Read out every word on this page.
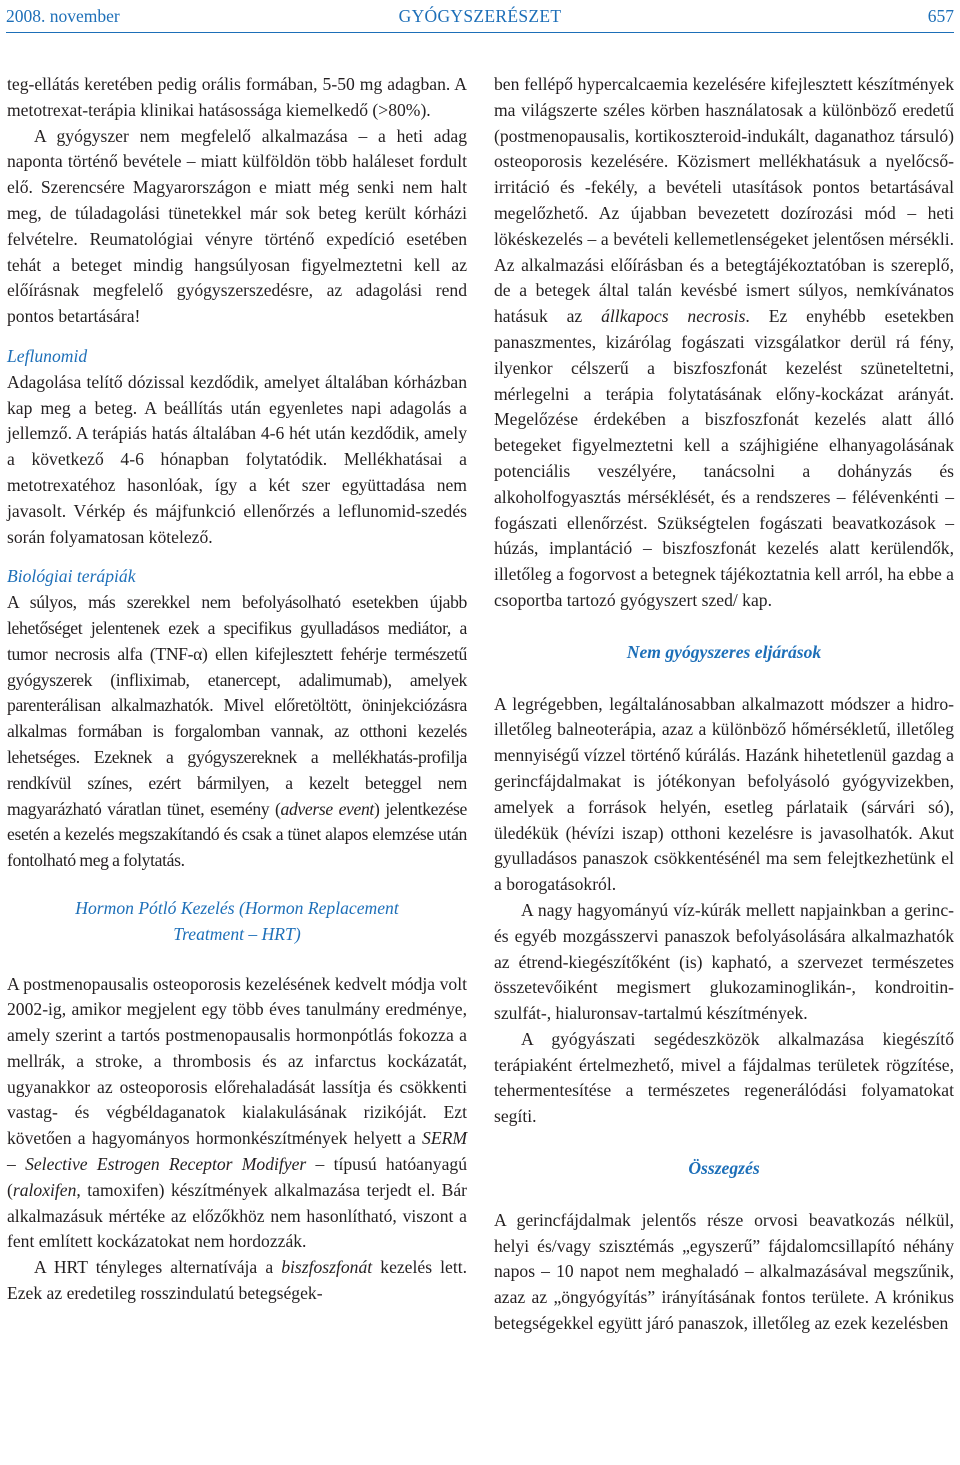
2008. november	GYÓGYSZERÉSZET	657

teg-ellátás keretében pedig orális formában, 5-50 mg adagban. A metotrexat-terápia klinikai hatásossága kiemelkedő (>80%).

A gyógyszer nem megfelelő alkalmazása – a heti adag naponta történő bevétele – miatt külföldön több haláleset fordult elő. Szerencsére Magyarországon e miatt még senki nem halt meg, de túladagolási tünetekkel már sok beteg került kórházi felvételre. Reumatológiai vényre történő expedíció esetében tehát a beteget mindig hangsúlyosan figyelmeztetni kell az előírásnak megfelelő gyógyszerszedésre, az adagolási rend pontos betartására!

Leflunomid

Adagolása telítő dózissal kezdődik, amelyet általában kórházban kap meg a beteg. A beállítás után egyenletes napi adagolás a jellemző. A terápiás hatás általában 4-6 hét után kezdődik, amely a következő 4-6 hónapban folytatódik. Mellékhatásai a metotrexatéhoz hasonlóak, így a két szer együttadása nem javasolt. Vérkép és májfunkció ellenőrzés a leflunomid-szedés során folyamatosan kötelező.

Biológiai terápiák

A súlyos, más szerekkel nem befolyásolható esetekben újabb lehetőséget jelentenek ezek a specifikus gyulladásos mediátor, a tumor necrosis alfa (TNF-α) ellen kifejlesztett fehérje természetű gyógyszerek (infliximab, etanercept, adalimumab), amelyek parenterálisan alkalmazhatók. Mivel előretöltött, öninjekciózásra alkalmas formában is forgalomban vannak, az otthoni kezelés lehetséges. Ezeknek a gyógyszereknek a mellékhatás-profilja rendkívül színes, ezért bármilyen, a kezelt beteggel nem magyarázható váratlan tünet, esemény (adverse event) jelentkezése esetén a kezelés megszakítandó és csak a tünet alapos elemzése után fontolható meg a folytatás.

Hormon Pótló Kezelés (Hormon Replacement
Treatment – HRT)

A postmenopausalis osteoporosis kezelésének kedvelt módja volt 2002-ig, amikor megjelent egy több éves tanulmány eredménye, amely szerint a tartós postmenopausalis hormonpótlás fokozza a mellrák, a stroke, a thrombosis és az infarctus kockázatát, ugyanakkor az osteoporosis előrehaladását lassítja és csökkenti vastag- és végbéldaganatok kialakulásának rizikóját. Ezt követően a hagyományos hormonkészítmények helyett a SERM – Selective Estrogen Receptor Modifyer – típusú hatóanyagú (raloxifen, tamoxifen) készítmények alkalmazása terjedt el. Bár alkalmazásuk mértéke az előzőkhöz nem hasonlítható, viszont a fent említett kockázatokat nem hordozzák.

A HRT tényleges alternatívája a biszfoszfonát kezelés lett. Ezek az eredetileg rosszindulatú betegségek-

ben fellépő hypercalcaemia kezelésére kifejlesztett készítmények ma világszerte széles körben használatosak a különböző eredetű (postmenopausalis, kortikoszteroid-indukált, daganathoz társuló) osteoporosis kezelésére. Közismert mellékhatásuk a nyelőcső-irritáció és -fekély, a bevételi utasítások pontos betartásával megelőzhető. Az újabban bevezetett dozírozási mód – heti lökéskezelés – a bevételi kellemetlenségeket jelentősen mérsékli. Az alkalmazási előírásban és a betegtájékoztatóban is szereplő, de a betegek által talán kevésbé ismert súlyos, nemkívánatos hatásuk az állkapocs necrosis. Ez enyhébb esetekben panaszmentes, kizárólag fogászati vizsgálatkor derül rá fény, ilyenkor célszerű a biszfoszfonát kezelést szüneteltetni, mérlegelni a terápia folytatásának előny-kockázat arányát. Megelőzése érdekében a biszfoszfonát kezelés alatt álló betegeket figyelmeztetni kell a szájhigiéne elhanyagolásának potenciális veszélyére, tanácsolni a dohányzás és alkoholfogyasztás mérséklését, és a rendszeres – félévenkénti – fogászati ellenőrzést. Szükségtelen fogászati beavatkozások – húzás, implantáció – biszfoszfonát kezelés alatt kerülendők, illetőleg a fogorvost a betegnek tájékoztatnia kell arról, ha ebbe a csoportba tartozó gyógyszert szed/ kap.

Nem gyógyszeres eljárások

A legrégebben, legáltalánosabban alkalmazott módszer a hidro- illetőleg balneoterápia, azaz a különböző hőmérsékletű, illetőleg mennyiségű vízzel történő kúrálás. Hazánk hihetetlenül gazdag a gerincfájdalmakat is jótékonyan befolyásoló gyógyvizekben, amelyek a források helyén, esetleg párlataik (sárvári só), üledékük (hévízi iszap) otthoni kezelésre is javasolhatók. Akut gyulladásos panaszok csökkentésénél ma sem felejtkezhetünk el a borogatásokról.

A nagy hagyományú víz-kúrák mellett napjainkban a gerinc- és egyéb mozgásszervi panaszok befolyásolására alkalmazhatók az étrend-kiegészítőként (is) kapható, a szervezet természetes összetevőiként megismert glukozaminoglikán-, kondroitin-szulfát-, hialuronsav-tartalmú készítmények.

A gyógyászati segédeszközök alkalmazása kiegészítő terápiaként értelmezhető, mivel a fájdalmas területek rögzítése, tehermentesítése a természetes regenerálódási folyamatokat segíti.

Összegzés

A gerincfájdalmak jelentős része orvosi beavatkozás nélkül, helyi és/vagy szisztémás „egyszerű” fájdalomcsillapító néhány napos – 10 napot nem meghaladó – alkalmazásával megszűnik, azaz az „öngyógyítás” irányításának fontos területe. A krónikus betegségekkel együtt járó panaszok, illetőleg az ezek kezelésben
